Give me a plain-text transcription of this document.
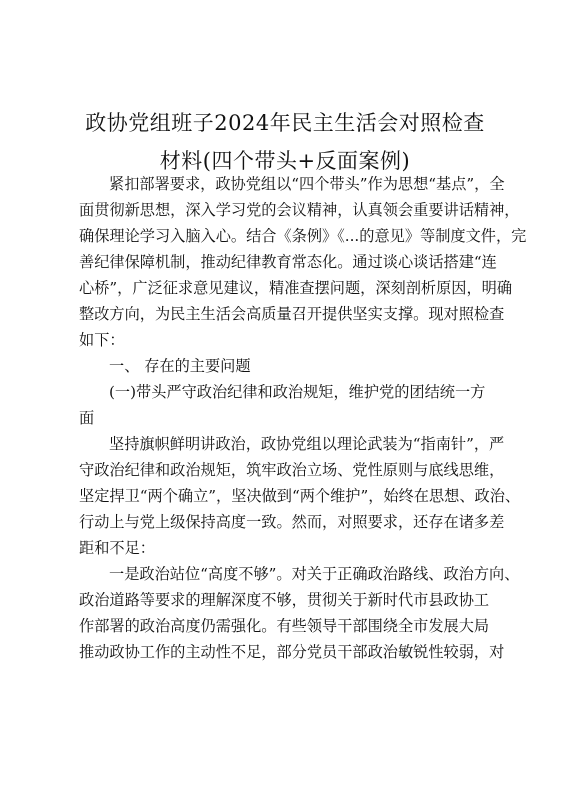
政协党组班子2024年民主生活会对照检查
材料(四个带头+反面案例)
紧扣部署要求，政协党组以“四个带头”作为思想“基点”，全
面贯彻新思想，深入学习党的会议精神，认真领会重要讲话精神，
确保理论学习入脑入心。结合《条例》《...的意见》等制度文件，完
善纪律保障机制，推动纪律教育常态化。通过谈心谈话搭建“连
心桥”，广泛征求意见建议，精准查摆问题，深刻剖析原因，明确
整改方向，为民主生活会高质量召开提供坚实支撑。现对照检查
如下：
一、 存在的主要问题
(一)带头严守政治纪律和政治规矩，维护党的团结统一方
面
坚持旗帜鲜明讲政治，政协党组以理论武装为“指南针”，严
守政治纪律和政治规矩，筑牢政治立场、党性原则与底线思维，
坚定捍卫“两个确立”，坚决做到“两个维护”，始终在思想、政治、
行动上与党上级保持高度一致。然而，对照要求，还存在诸多差
距和不足：
一是政治站位“高度不够”。对关于正确政治路线、政治方向、
政治道路等要求的理解深度不够，贯彻关于新时代市县政协工
作部署的政治高度仍需强化。有些领导干部围绕全市发展大局
推动政协工作的主动性不足，部分党员干部政治敏锐性较弱，对
